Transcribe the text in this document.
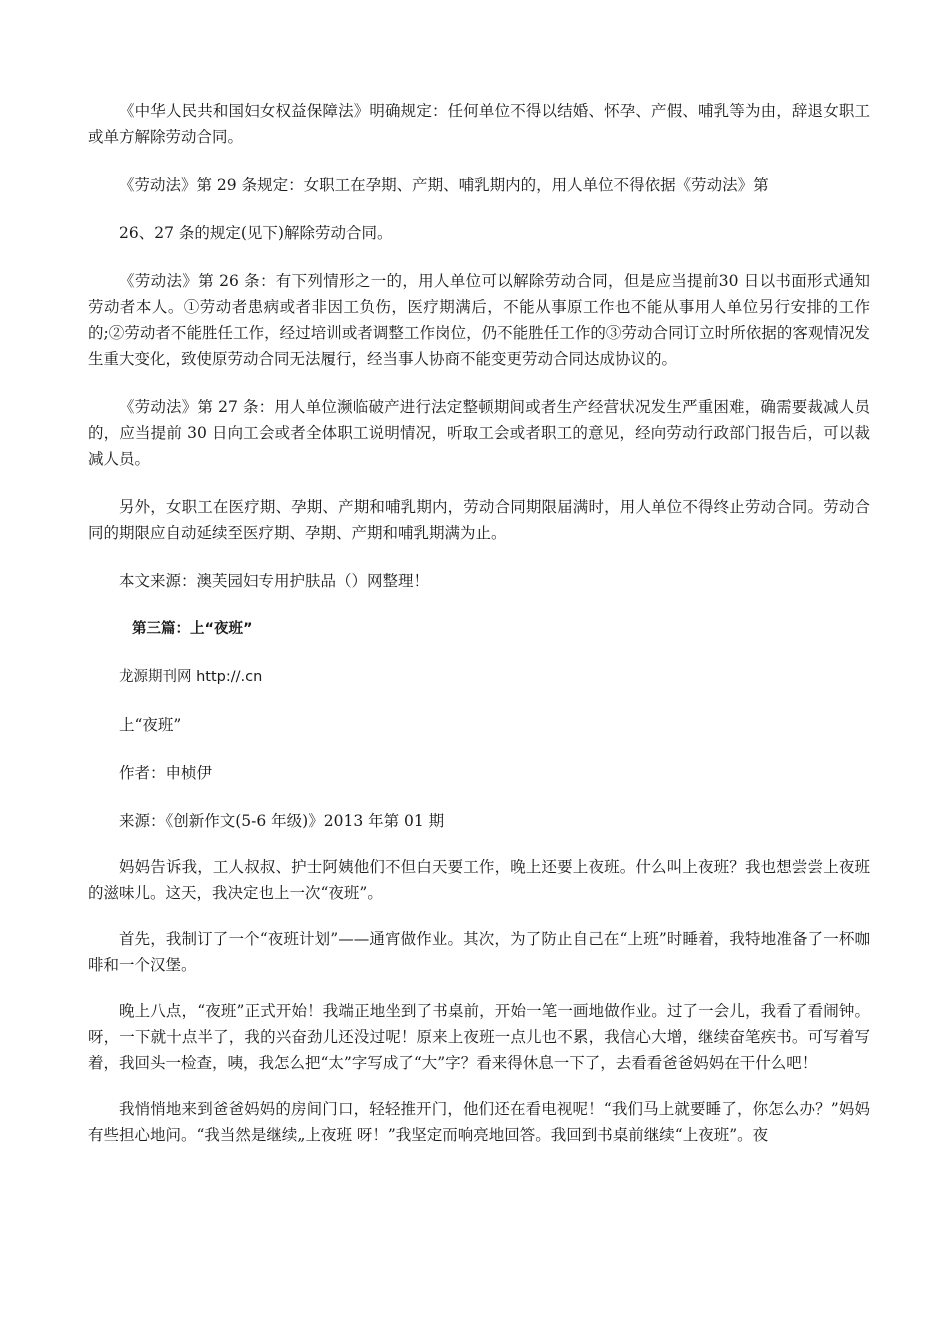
《中华人民共和国妇女权益保障法》明确规定：任何单位不得以结婚、怀孕、产假、哺乳等为由，辞退女职工或单方解除劳动合同。

《劳动法》第 29 条规定：女职工在孕期、产期、哺乳期内的，用人单位不得依据《劳动法》第

26、27 条的规定(见下)解除劳动合同。

《劳动法》第 26 条：有下列情形之一的，用人单位可以解除劳动合同，但是应当提前30 日以书面形式通知劳动者本人。①劳动者患病或者非因工负伤，医疗期满后，不能从事原工作也不能从事用人单位另行安排的工作的;②劳动者不能胜任工作，经过培训或者调整工作岗位，仍不能胜任工作的③劳动合同订立时所依据的客观情况发生重大变化，致使原劳动合同无法履行，经当事人协商不能变更劳动合同达成协议的。

《劳动法》第 27 条：用人单位濒临破产进行法定整顿期间或者生产经营状况发生严重困难，确需要裁减人员的，应当提前 30 日向工会或者全体职工说明情况，听取工会或者职工的意见，经向劳动行政部门报告后，可以裁减人员。

另外，女职工在医疗期、孕期、产期和哺乳期内，劳动合同期限届满时，用人单位不得终止劳动合同。劳动合同的期限应自动延续至医疗期、孕期、产期和哺乳期满为止。

本文来源：澳芙园妇专用护肤品（）网整理！

第三篇：上“夜班”

龙源期刊网 http://.cn

上“夜班”

作者：申桢伊

来源：《创新作文(5-6 年级)》2013 年第 01 期

妈妈告诉我，工人叔叔、护士阿姨他们不但白天要工作，晚上还要上夜班。什么叫上夜班？我也想尝尝上夜班的滋味儿。这天，我决定也上一次“夜班”。

首先，我制订了一个“夜班计划”——通宵做作业。其次，为了防止自己在“上班”时睡着，我特地准备了一杯咖啡和一个汉堡。

晚上八点，“夜班”正式开始！我端正地坐到了书桌前，开始一笔一画地做作业。过了一会儿，我看了看闹钟。呀，一下就十点半了，我的兴奋劲儿还没过呢！原来上夜班一点儿也不累，我信心大增，继续奋笔疾书。可写着写着，我回头一检查，咦，我怎么把“太”字写成了“大”字？看来得休息一下了，去看看爸爸妈妈在干什么吧！

我悄悄地来到爸爸妈妈的房间门口，轻轻推开门，他们还在看电视呢！“我们马上就要睡了，你怎么办？”妈妈有些担心地问。“我当然是继续„上夜班 呀！”我坚定而响亮地回答。我回到书桌前继续“上夜班”。夜
